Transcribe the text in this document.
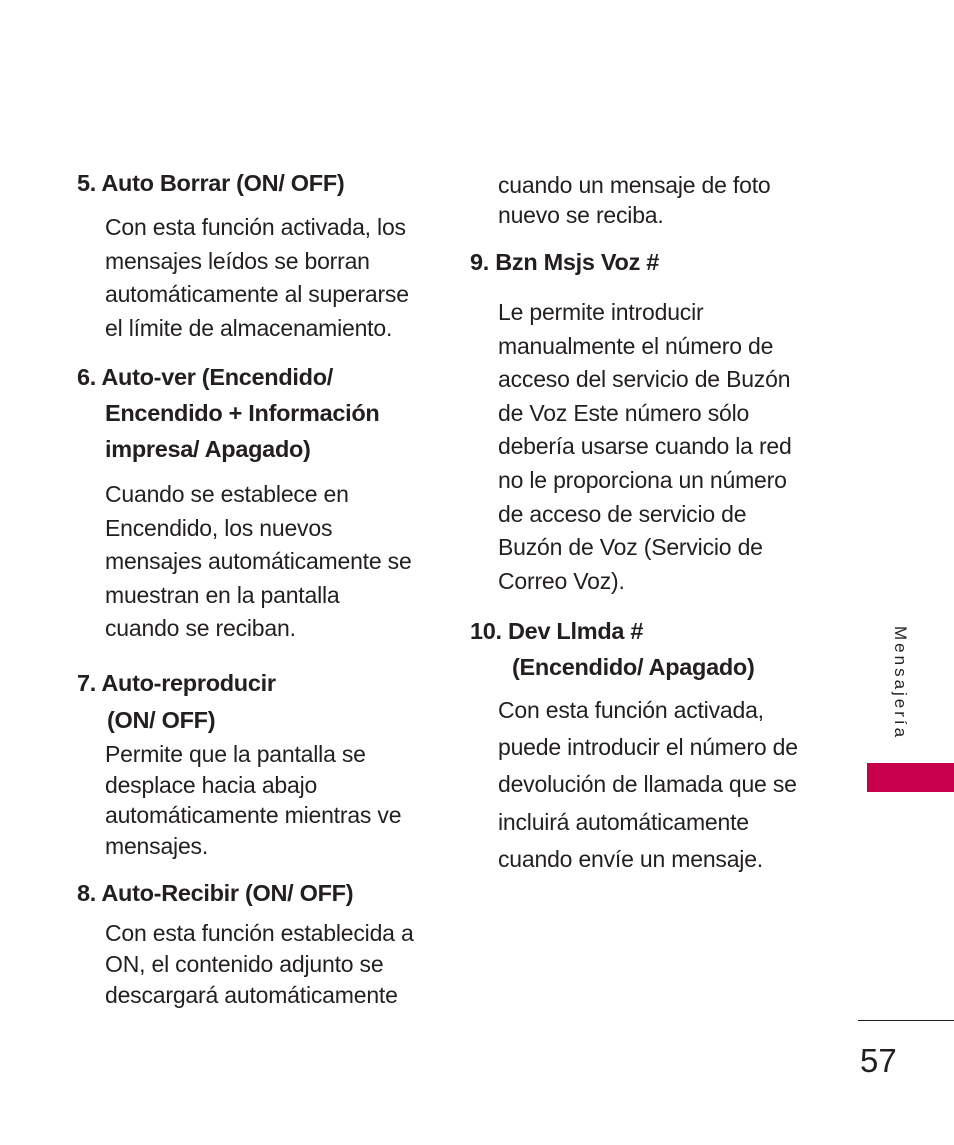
5. Auto Borrar (ON/ OFF)

Con esta función activada, los
mensajes leídos se borran
automáticamente al superarse
el límite de almacenamiento.

6. Auto-ver (Encendido/
Encendido + Información
impresa/ Apagado)

Cuando se establece en
Encendido, los nuevos
mensajes automáticamente se
muestran en la pantalla
cuando se reciban.

7. Auto-reproducir
(ON/ OFF)

Permite que la pantalla se
desplace hacia abajo
automáticamente mientras ve
mensajes.

8. Auto-Recibir (ON/ OFF)

Con esta función establecida a
ON, el contenido adjunto se
descargará automáticamente

cuando un mensaje de foto
nuevo se reciba.

9. Bzn Msjs Voz #

Le permite introducir
manualmente el número de
acceso del servicio de Buzón
de Voz Este número sólo
debería usarse cuando la red
no le proporciona un número
de acceso de servicio de
Buzón de Voz (Servicio de
Correo Voz).

10. Dev Llmda #
(Encendido/ Apagado)

Con esta función activada,
puede introducir el número de
devolución de llamada que se
incluirá automáticamente
cuando envíe un mensaje.

Mensajería
57
